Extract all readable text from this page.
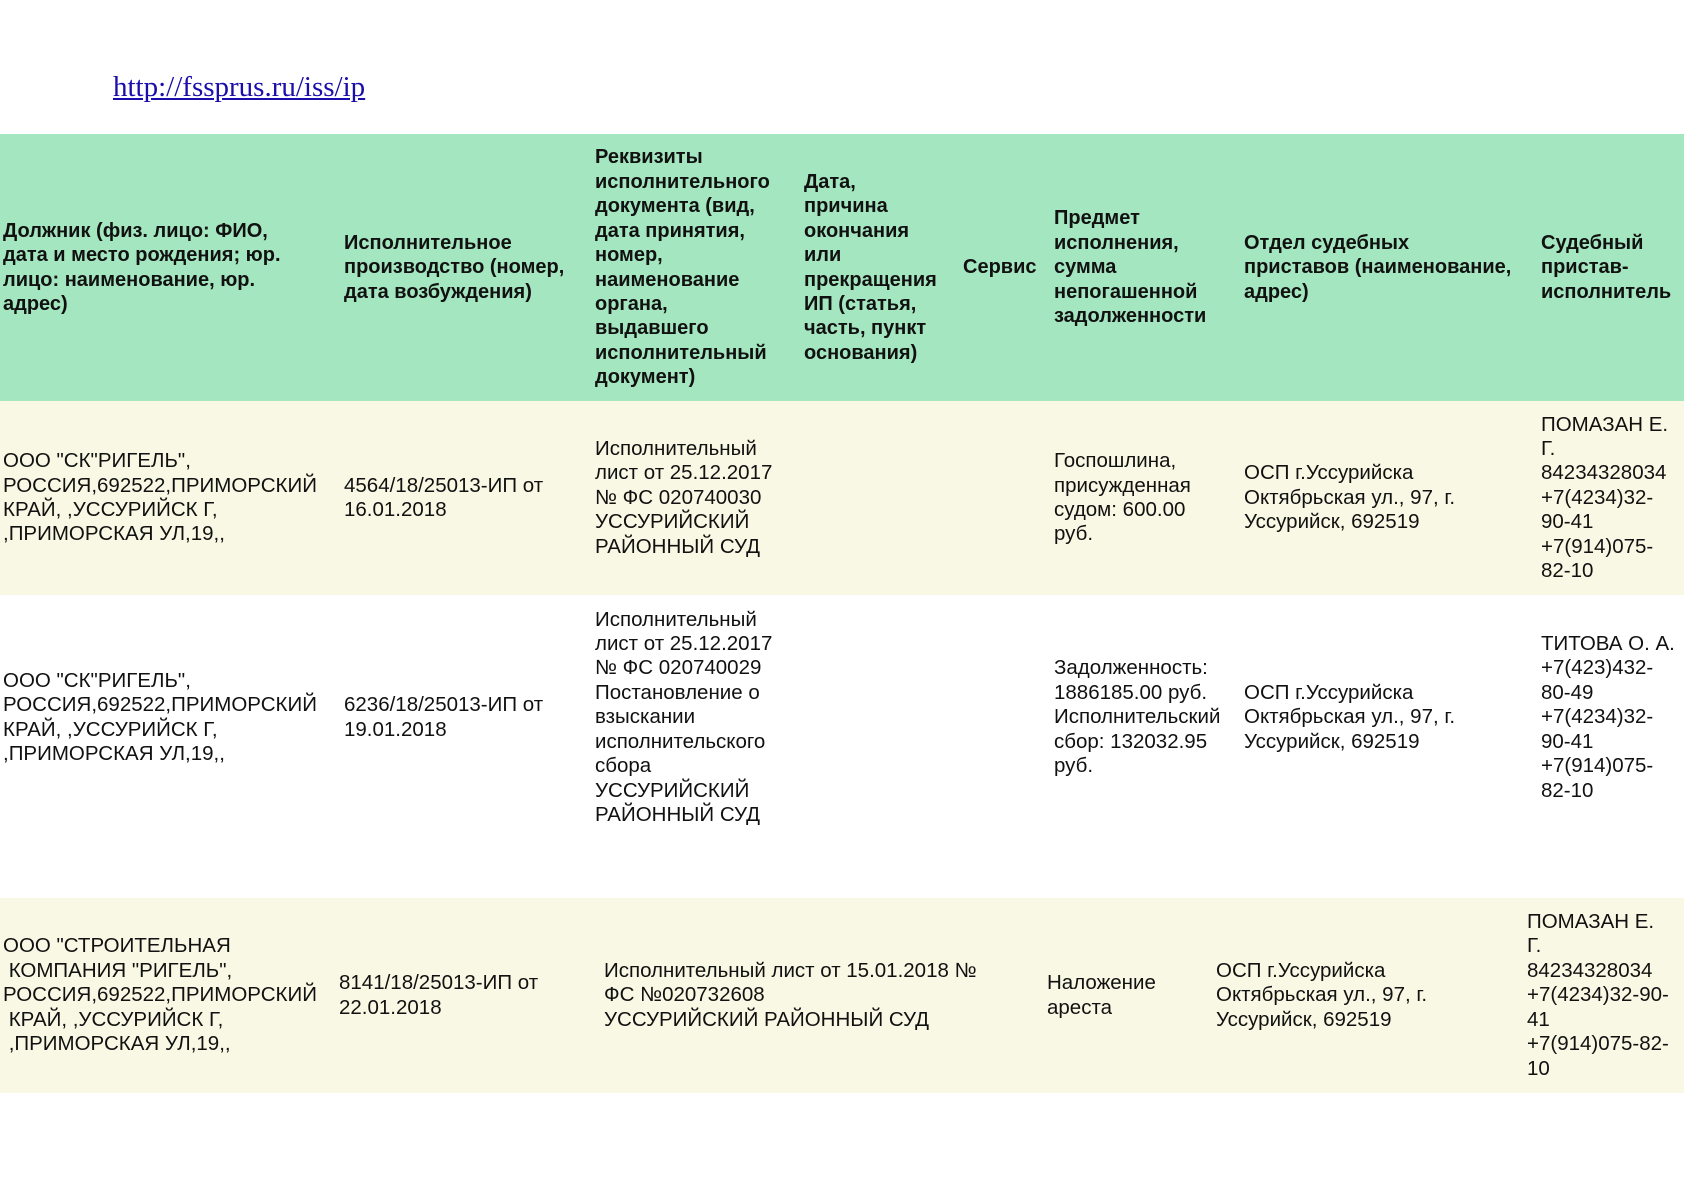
http://fssprus.ru/iss/ip
Должник (физ. лицо: ФИО,
дата и место рождения; юр.
лицо: наименование, юр.
адрес)
Исполнительное
производство (номер,
дата возбуждения)
Реквизиты
исполнительного
документа (вид,
дата принятия,
номер,
наименование
органа,
выдавшего
исполнительный
документ)
Дата,
причина
окончания
или
прекращения
ИП (статья,
часть, пункт
основания)
Сервис
Предмет
исполнения,
сумма
непогашенной
задолженности
Отдел судебных
приставов (наименование,
адрес)
Судебный
пристав-
исполнитель
ООО "СК"РИГЕЛЬ",
РОССИЯ,692522,ПРИМОРСКИЙ
КРАЙ, ,УССУРИЙСК Г,
,ПРИМОРСКАЯ УЛ,19,,
4564/18/25013-ИП от
16.01.2018
Исполнительный
лист от 25.12.2017
№ ФС 020740030
УССУРИЙСКИЙ
РАЙОННЫЙ СУД
Госпошлина,
присужденная
судом: 600.00
руб.
ОСП г.Уссурийска
Октябрьская ул., 97, г.
Уссурийск, 692519
ПОМАЗАН Е.
Г.
84234328034
+7(4234)32-
90-41
+7(914)075-
82-10
ООО "СК"РИГЕЛЬ",
РОССИЯ,692522,ПРИМОРСКИЙ
КРАЙ, ,УССУРИЙСК Г,
,ПРИМОРСКАЯ УЛ,19,,
6236/18/25013-ИП от
19.01.2018
Исполнительный
лист от 25.12.2017
№ ФС 020740029
Постановление о
взыскании
исполнительского
сбора
УССУРИЙСКИЙ
РАЙОННЫЙ СУД
Задолженность:
1886185.00 руб.
Исполнительский
сбор: 132032.95
руб.
ОСП г.Уссурийска
Октябрьская ул., 97, г.
Уссурийск, 692519
ТИТОВА О. А.
+7(423)432-
80-49
+7(4234)32-
90-41
+7(914)075-
82-10
ООО "СТРОИТЕЛЬНАЯ
КОМПАНИЯ "РИГЕЛЬ",
РОССИЯ,692522,ПРИМОРСКИЙ
КРАЙ, ,УССУРИЙСК Г,
,ПРИМОРСКАЯ УЛ,19,,
8141/18/25013-ИП от
22.01.2018
Исполнительный лист от 15.01.2018 №
ФС №020732608
УССУРИЙСКИЙ РАЙОННЫЙ СУД
Наложение
ареста
ОСП г.Уссурийска
Октябрьская ул., 97, г.
Уссурийск, 692519
ПОМАЗАН Е.
Г.
84234328034
+7(4234)32-90-
41
+7(914)075-82-
10
